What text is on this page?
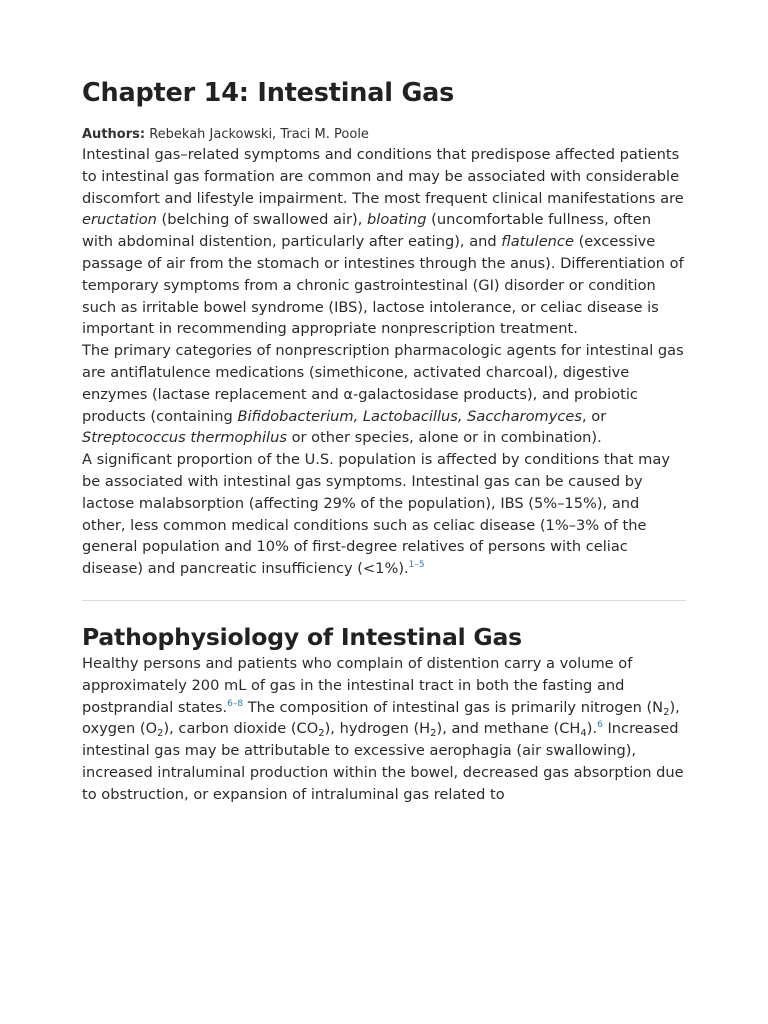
Chapter 14: Intestinal Gas
Authors: Rebekah Jackowski, Traci M. Poole

Intestinal gas–related symptoms and conditions that predispose affected patients to intestinal gas formation are common and may be associated with considerable discomfort and lifestyle impairment. The most frequent clinical manifestations are eructation (belching of swallowed air), bloating (uncomfortable fullness, often with abdominal distention, particularly after eating), and flatulence (excessive passage of air from the stomach or intestines through the anus). Differentiation of temporary symptoms from a chronic gastrointestinal (GI) disorder or condition such as irritable bowel syndrome (IBS), lactose intolerance, or celiac disease is important in recommending appropriate nonprescription treatment.

The primary categories of nonprescription pharmacologic agents for intestinal gas are antiflatulence medications (simethicone, activated charcoal), digestive enzymes (lactase replacement and α-galactosidase products), and probiotic products (containing Bifidobacterium, Lactobacillus, Saccharomyces, or Streptococcus thermophilus or other species, alone or in combination).

A significant proportion of the U.S. population is affected by conditions that may be associated with intestinal gas symptoms. Intestinal gas can be caused by lactose malabsorption (affecting 29% of the population), IBS (5%–15%), and other, less common medical conditions such as celiac disease (1%–3% of the general population and 10% of first-degree relatives of persons with celiac disease) and pancreatic insufficiency (<1%).$^{1-5}$

Pathophysiology of Intestinal Gas

Healthy persons and patients who complain of distention carry a volume of approximately 200 mL of gas in the intestinal tract in both the fasting and postprandial states.$^{6-8}$ The composition of intestinal gas is primarily nitrogen $(N_2)$, oxygen $(O_2)$, carbon dioxide $(CO_2)$, hydrogen $(H_2)$, and methane $(CH_4).^6$ Increased intestinal gas may be attributable to excessive aerophagia (air swallowing), increased intraluminal production within the bowel, decreased gas absorption due to obstruction, or expansion of intraluminal gas related to
